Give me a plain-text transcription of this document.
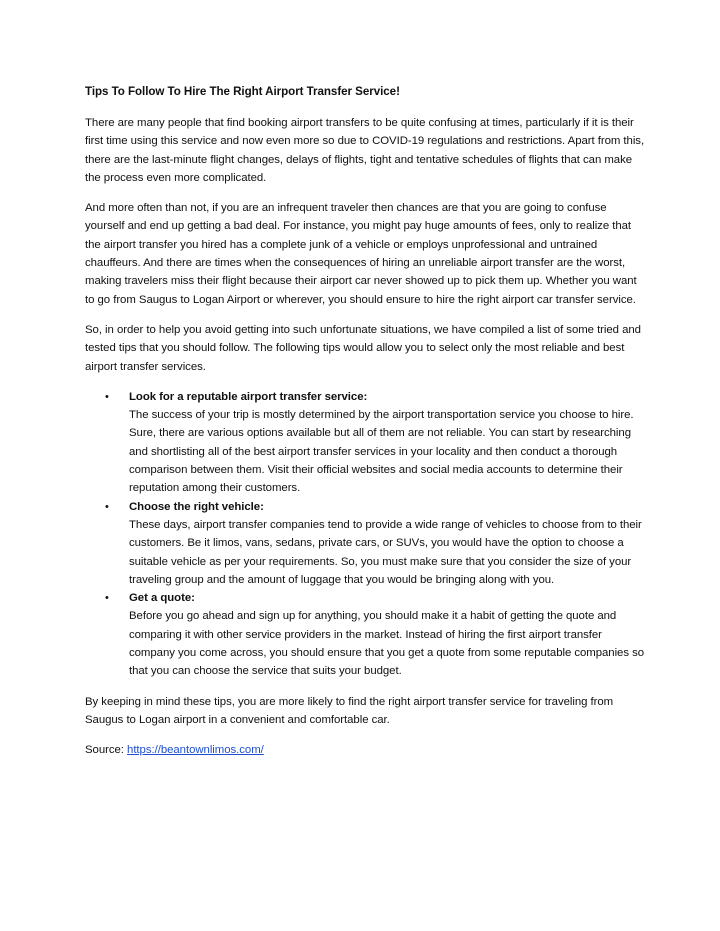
Tips To Follow To Hire The Right Airport Transfer Service!

There are many people that find booking airport transfers to be quite confusing at times, particularly if it is their first time using this service and now even more so due to COVID-19 regulations and restrictions. Apart from this, there are the last-minute flight changes, delays of flights, tight and tentative schedules of flights that can make the process even more complicated.

And more often than not, if you are an infrequent traveler then chances are that you are going to confuse yourself and end up getting a bad deal. For instance, you might pay huge amounts of fees, only to realize that the airport transfer you hired has a complete junk of a vehicle or employs unprofessional and untrained chauffeurs. And there are times when the consequences of hiring an unreliable airport transfer are the worst, making travelers miss their flight because their airport car never showed up to pick them up. Whether you want to go from Saugus to Logan Airport or wherever, you should ensure to hire the right airport car transfer service.

So, in order to help you avoid getting into such unfortunate situations, we have compiled a list of some tried and tested tips that you should follow. The following tips would allow you to select only the most reliable and best airport transfer services.

• Look for a reputable airport transfer service:
The success of your trip is mostly determined by the airport transportation service you choose to hire. Sure, there are various options available but all of them are not reliable. You can start by researching and shortlisting all of the best airport transfer services in your locality and then conduct a thorough comparison between them. Visit their official websites and social media accounts to determine their reputation among their customers.
• Choose the right vehicle:
These days, airport transfer companies tend to provide a wide range of vehicles to choose from to their customers. Be it limos, vans, sedans, private cars, or SUVs, you would have the option to choose a suitable vehicle as per your requirements. So, you must make sure that you consider the size of your traveling group and the amount of luggage that you would be bringing along with you.
• Get a quote:
Before you go ahead and sign up for anything, you should make it a habit of getting the quote and comparing it with other service providers in the market. Instead of hiring the first airport transfer company you come across, you should ensure that you get a quote from some reputable companies so that you can choose the service that suits your budget.

By keeping in mind these tips, you are more likely to find the right airport transfer service for traveling from Saugus to Logan airport in a convenient and comfortable car.

Source: https://beantownlimos.com/
